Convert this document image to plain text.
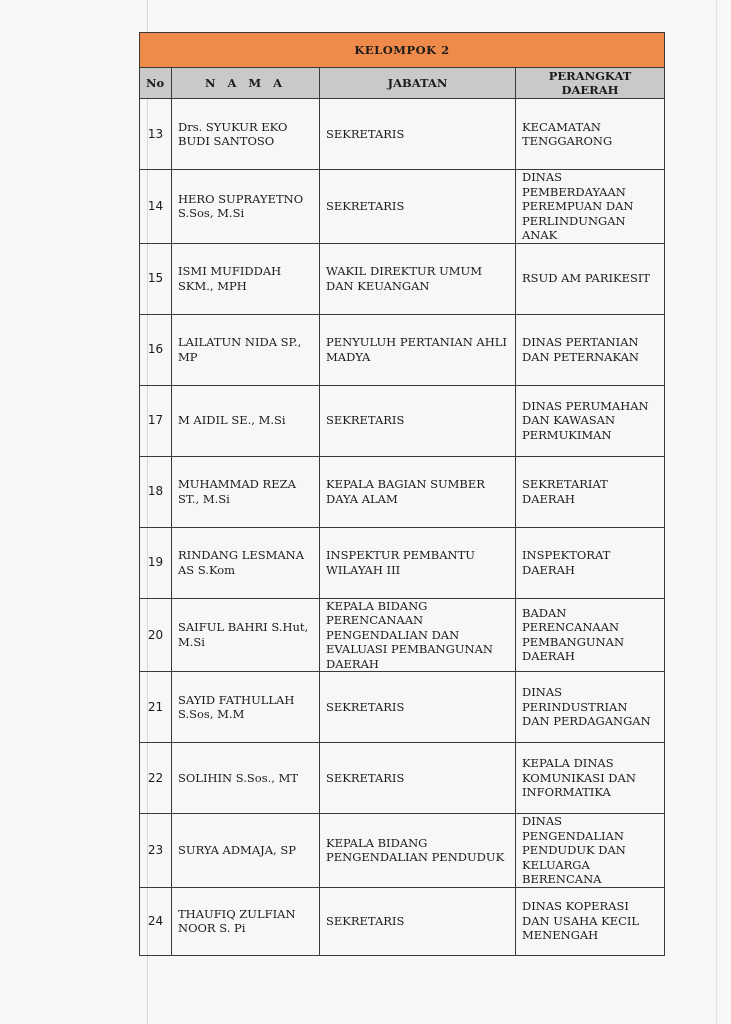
KELOMPOK 2			
No	N A M A	JABATAN	PERANGKAT DAERAH
13	Drs. SYUKUR EKO BUDI SANTOSO	SEKRETARIS	KECAMATAN TENGGARONG
14	HERO SUPRAYETNO S.Sos, M.Si	SEKRETARIS	DINAS PEMBERDAYAAN PEREMPUAN DAN PERLINDUNGAN ANAK
15	ISMI MUFIDDAH SKM., MPH	WAKIL DIREKTUR UMUM DAN KEUANGAN	RSUD AM PARIKESIT
16	LAILATUN NIDA SP., MP	PENYULUH PERTANIAN AHLI MADYA	DINAS PERTANIAN DAN PETERNAKAN
17	M AIDIL SE., M.Si	SEKRETARIS	DINAS PERUMAHAN DAN KAWASAN PERMUKIMAN
18	MUHAMMAD REZA ST., M.Si	KEPALA BAGIAN SUMBER DAYA ALAM	SEKRETARIAT DAERAH
19	RINDANG LESMANA AS S.Kom	INSPEKTUR PEMBANTU WILAYAH III	INSPEKTORAT DAERAH
20	SAIFUL BAHRI S.Hut, M.Si	KEPALA BIDANG PERENCANAAN PENGENDALIAN DAN EVALUASI PEMBANGUNAN DAERAH	BADAN PERENCANAAN PEMBANGUNAN DAERAH
21	SAYID FATHULLAH S.Sos, M.M	SEKRETARIS	DINAS PERINDUSTRIAN DAN PERDAGANGAN
22	SOLIHIN S.Sos., MT	SEKRETARIS	KEPALA DINAS KOMUNIKASI DAN INFORMATIKA
23	SURYA ADMAJA, SP	KEPALA BIDANG PENGENDALIAN PENDUDUK	DINAS PENGENDALIAN PENDUDUK DAN KELUARGA BERENCANA
24	THAUFIQ ZULFIAN NOOR S. Pi	SEKRETARIS	DINAS KOPERASI DAN USAHA KECIL MENENGAH
